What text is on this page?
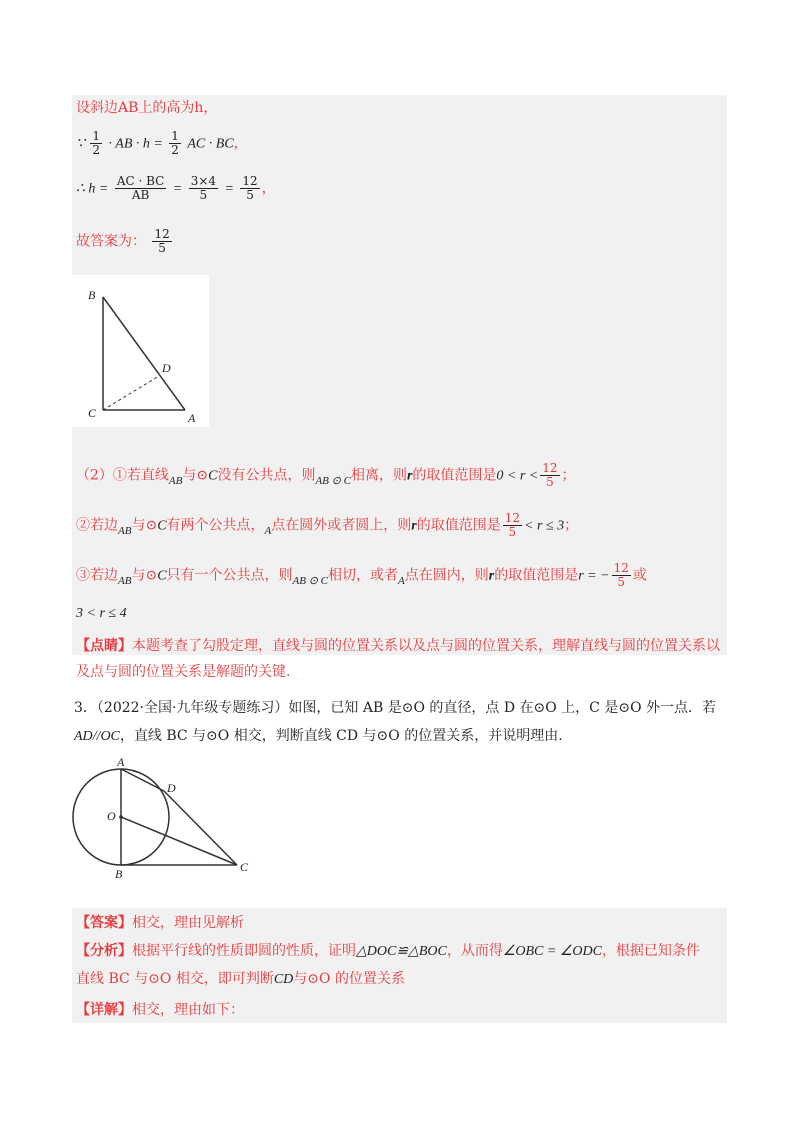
设斜边AB上的高为h，
∵ $\frac{1}{2}$ · AB · $h = \frac{1}{2}$ AC · BC，
∴ $h = \frac{AC \cdot BC}{AB} = \frac{3\times 4}{5} = \frac{12}{5}$ ，
故答案为： $\frac{12}{5}$
B
D
C	A
（2）①若直线$_{AB}$与⊙C没有公共点，则$_{AB ⊙ C}$相离，则r的取值范围是$0 < r < \frac{12}{5}$ ；
②若边$_{AB}$与⊙C有两个公共点，$_A$点在圆外或者圆上，则r的取值范围是 $\frac{12}{5} < r \le 3$；
③若边$_{AB}$与⊙C只有一个公共点，则$_{AB ⊙ C}$相切，或者$_A$点在圆内，则r的取值范围是r = − $\frac{12}{5}$ 或
3 < r ≤ 4
【点睛】本题考查了勾股定理，直线与圆的位置关系以及点与圆的位置关系，理解直线与圆的位置关系以
及点与圆的位置关系是解题的关键.
3．（2022·全国·九年级专题练习）如图，已知 AB 是⊙O 的直径，点 D 在⊙O 上，C 是⊙O 外一点．若
AD//OC，直线 BC 与⊙O 相交，判断直线 CD 与⊙O 的位置关系，并说明理由.
A
D
O
B	C
【答案】相交，理由见解析
【分析】根据平行线的性质即圆的性质，证明△DOC≌△BOC，从而得∠OBC = ∠ODC，根据已知条件
直线 BC 与⊙O 相交，即可判断CD与⊙O 的位置关系
【详解】相交，理由如下：
